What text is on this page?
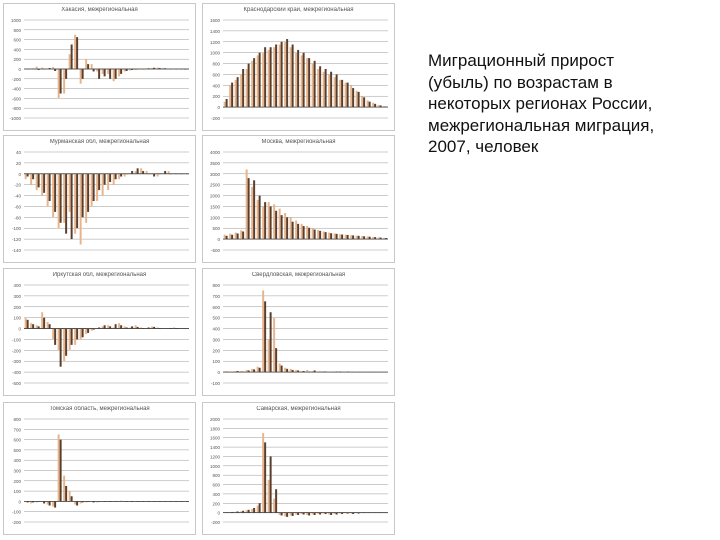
Хакасия, межрегиональная
1000
800
600
400
200
0
-200
-400
-600
-800
-1000
Краснодарский край, межрегиональная
1600
1400
1200
1000
800
600
400
200
0
-200
Мурманская обл, межрегиональная
40
20
0
-20
-40
-60
-80
-100
-120
-140
Москва, межрегиональная
4000
3500
3000
2500
2000
1500
1000
500
0
-500
Иркутская обл, межрегиональная
400
300
200
100
0
-100
-200
-300
-400
-500
Свердловская, межрегиональная
800
700
600
500
400
300
200
100
0
-100
Томская область, межрегиональная
800
700
600
500
400
300
200
100
0
-100
-200
Самарская, межрегиональная
2000
1800
1600
1400
1200
1000
800
600
400
200
0
-200
Миграционный прирост
(убыль) по возрастам в
некоторых регионах России,
межрегиональная миграция,
2007, человек
